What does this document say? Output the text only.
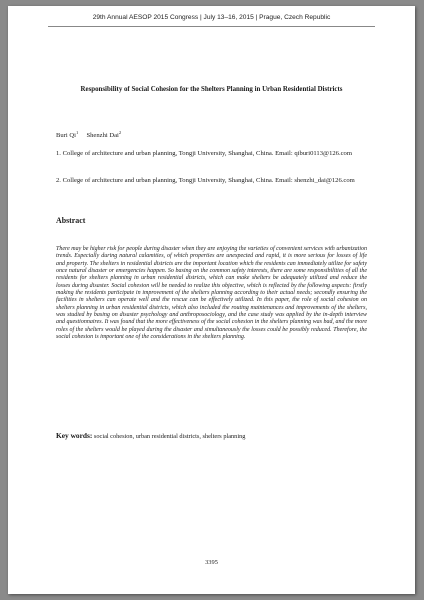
29th Annual AESOP 2015 Congress | July 13–16, 2015 | Prague, Czech Republic
Responsibility of Social Cohesion for the Shelters Planning in Urban Residential Districts
Buri Qi$^1$ Shenzhi Dai$^2$
1. College of architecture and urban planning, Tongji University, Shanghai, China. Email: qiburi0113@126.com
2. College of architecture and urban planning, Tongji University, Shanghai, China. Email: shenzhi_dai@126.com
Abstract
There may be higher risk for people during disaster when they are enjoying the varieties of convenient services with urbanization trends. Especially during natural calamities, of which properties are unexpected and rapid, it is more serious for losses of life and property. The shelters in residential districts are the important location which the residents can immediately utilize for safety once natural disaster or emergencies happen. So basing on the common safety interests, there are some responsibilities of all the residents for shelters planning in urban residential districts, which can make shelters be adequately utilized and reduce the losses during disaster. Social cohesion will be needed to realize this objective, which is reflected by the following aspects: firstly making the residents participate in improvement of the shelters planning according to their actual needs; secondly ensuring the facilities in shelters can operate well and the rescue can be effectively utilized. In this paper, the role of social cohesion on shelters planning in urban residential districts, which also included the routing maintenances and improvements of the shelters, was studied by basing on disaster psychology and anthroposociology, and the case study was applied by the in-depth interview and questionnaires. It was found that the more effectiveness of the social cohesion in the shelters planning was bad, and the more roles of the shelters would be played during the disaster and simultaneously the losses could be possibly reduced. Therefore, the social cohesion is important one of the considerations in the shelters planning.
Key words: social cohesion, urban residential districts, shelters planning
3395
